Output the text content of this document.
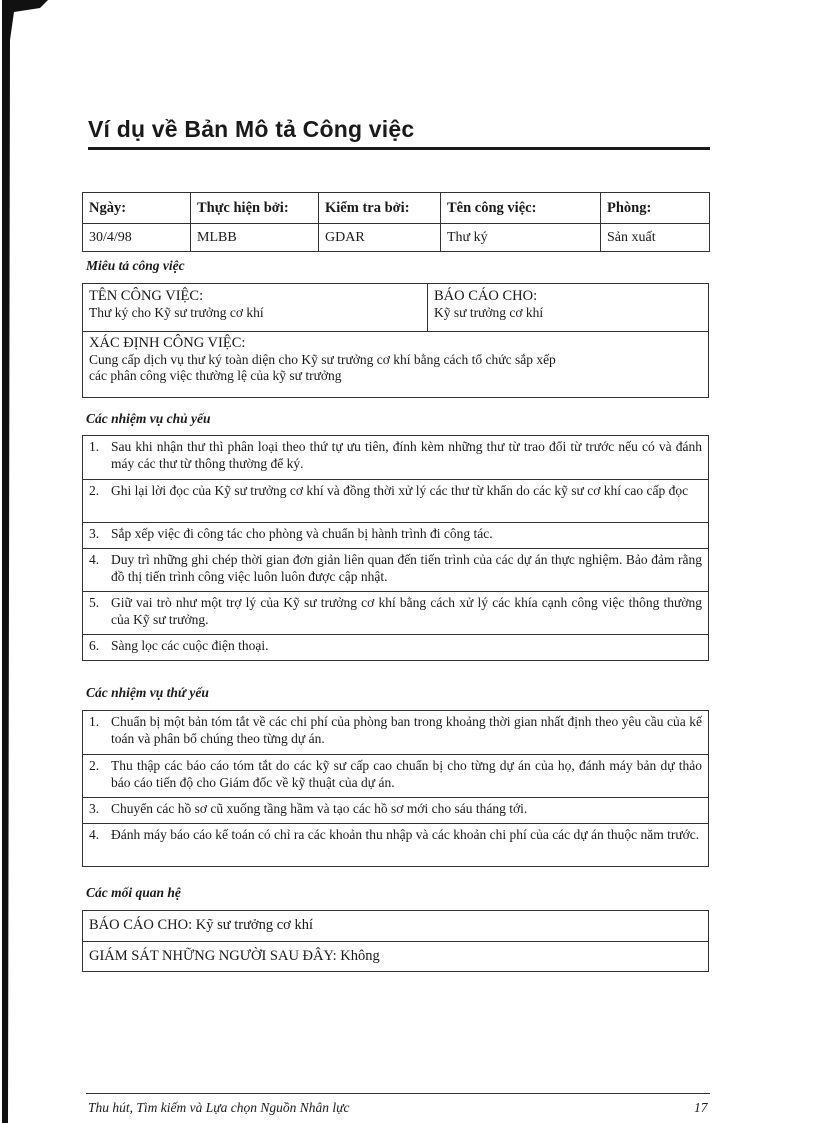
Ví dụ về Bản Mô tả Công việc
Ngày:	Thực hiện bởi:	Kiểm tra bởi:	Tên công việc:	Phòng:
30/4/98	MLBB	GDAR	Thư ký	Sản xuất
Miêu tả công việc
TÊN CÔNG VIỆC:
Thư ký cho Kỹ sư trưởng cơ khí
BÁO CÁO CHO:
Kỹ sư trưởng cơ khí
XÁC ĐỊNH CÔNG VIỆC:
Cung cấp dịch vụ thư ký toàn diện cho Kỹ sư trưởng cơ khí bằng cách tổ chức sắp xếp
các phân công việc thường lệ của kỹ sư trưởng
Các nhiệm vụ chủ yếu
1. Sau khi nhận thư thì phân loại theo thứ tự ưu tiên, đính kèm những thư từ trao đổi từ trước nếu có và đánh máy các thư từ thông thường để ký.
2. Ghi lại lời đọc của Kỹ sư trưởng cơ khí và đồng thời xử lý các thư từ khẩn do các kỹ sư cơ khí cao cấp đọc
3. Sắp xếp việc đi công tác cho phòng và chuẩn bị hành trình đi công tác.
4. Duy trì những ghi chép thời gian đơn giản liên quan đến tiến trình của các dự án thực nghiệm. Bảo đảm rằng đồ thị tiến trình công việc luôn luôn được cập nhật.
5. Giữ vai trò như một trợ lý của Kỹ sư trưởng cơ khí bằng cách xử lý các khía cạnh công việc thông thường của Kỹ sư trưởng.
6. Sàng lọc các cuộc điện thoại.
Các nhiệm vụ thứ yếu
1. Chuẩn bị một bản tóm tắt về các chi phí của phòng ban trong khoảng thời gian nhất định theo yêu cầu của kế toán và phân bổ chúng theo từng dự án.
2. Thu thập các báo cáo tóm tắt do các kỹ sư cấp cao chuẩn bị cho từng dự án của họ, đánh máy bản dự thảo báo cáo tiến độ cho Giám đốc về kỹ thuật của dự án.
3. Chuyển các hồ sơ cũ xuống tầng hầm và tạo các hồ sơ mới cho sáu tháng tới.
4. Đánh máy báo cáo kế toán có chỉ ra các khoản thu nhập và các khoản chi phí của các dự án thuộc năm trước.
Các mối quan hệ
BÁO CÁO CHO: Kỹ sư trưởng cơ khí
GIÁM SÁT NHỮNG NGƯỜI SAU ĐÂY: Không
Thu hút, Tìm kiếm và Lựa chọn Nguồn Nhân lực	17
